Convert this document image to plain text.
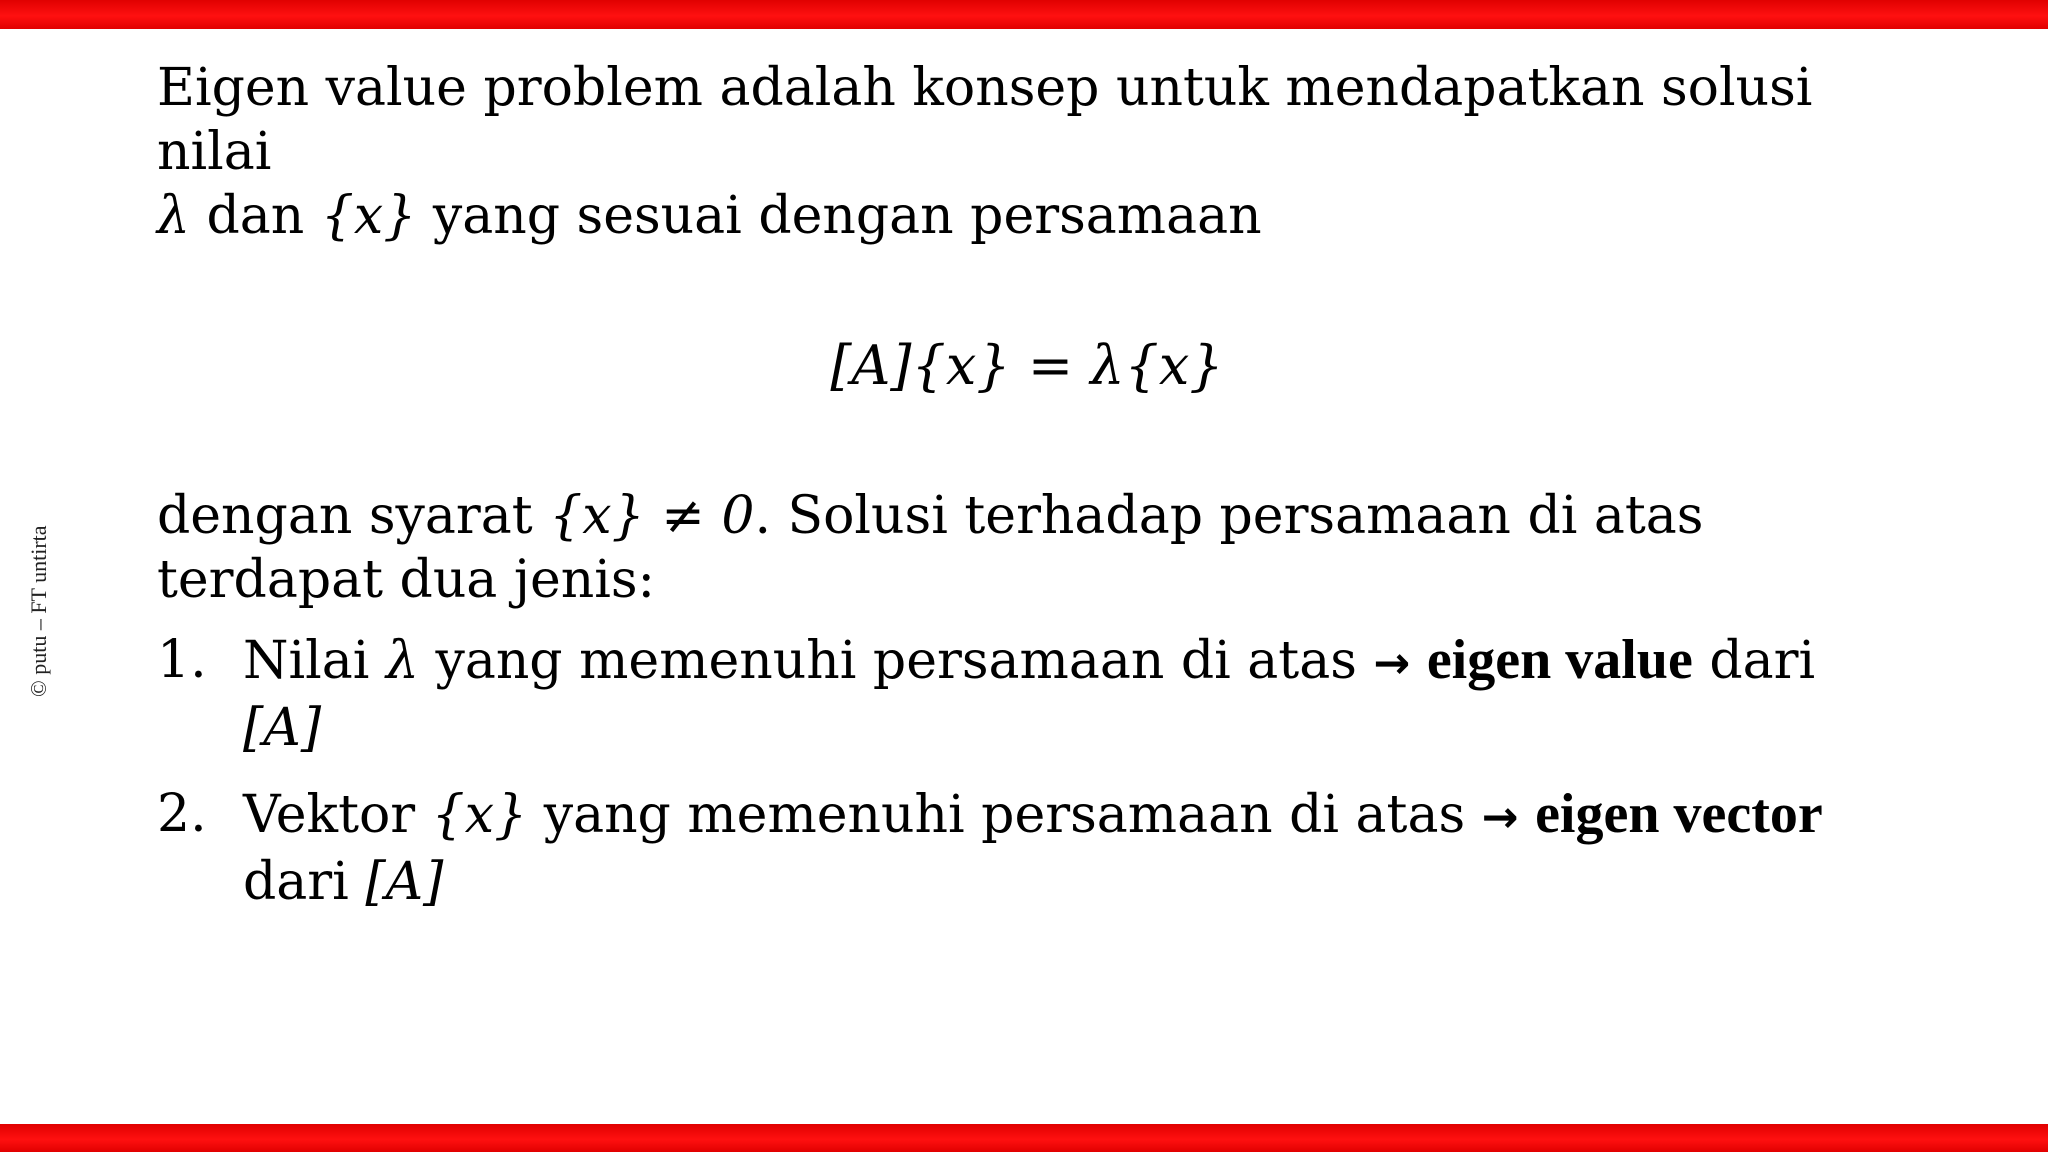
© putu – FT untirta

Eigen value problem adalah konsep untuk mendapatkan solusi nilai
λ dan {x} yang sesuai dengan persamaan

[A]{x} = λ{x}

dengan syarat {x} ≠ 0. Solusi terhadap persamaan di atas terdapat dua jenis:

1. Nilai λ yang memenuhi persamaan di atas → eigen value dari [A]
2. Vektor {x} yang memenuhi persamaan di atas → eigen vector
dari [A]
